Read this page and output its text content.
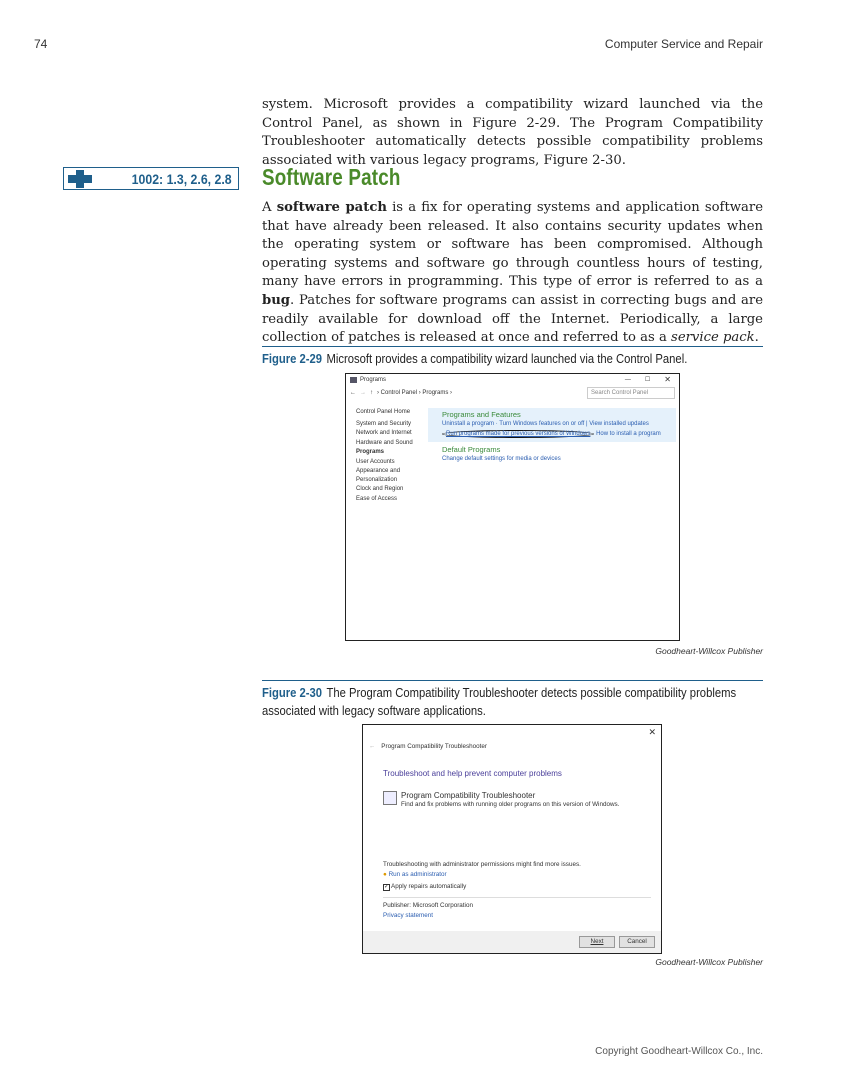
74	Computer Service and Repair

system. Microsoft provides a compatibility wizard launched via the Control Panel, as shown in Figure 2-29. The Program Compatibility Troubleshooter automatically detects possible compatibility problems associated with various legacy programs, Figure 2-30.

1002: 1.3, 2.6, 2.8 Software Patch

A software patch is a fix for operating systems and application software that have already been released. It also contains security updates when the operating system or software has been compromised. Although operating systems and software go through countless hours of testing, many have errors in programming. This type of error is referred to as a bug. Patches for software programs can assist in correcting bugs and are readily available for download off the Internet. Periodically, a large collection of patches is released at once and referred to as a service pack.

Figure 2-29 Microsoft provides a compatibility wizard launched via the Control Panel.
Programs	— ☐ ✕
← → ↑ › Control Panel › Programs ›	Search Control Panel
Control Panel Home
System and Security
Network and Internet
Hardware and Sound
Programs
User Accounts
Appearance and Personalization
Clock and Region
Ease of Access
Programs and Features
Uninstall a program · Turn Windows features on or off | View installed updates
Run programs made for previous versions of Windows How to install a program
Default Programs
Change default settings for media or devices
Goodheart-Willcox Publisher
Figure 2-30 The Program Compatibility Troubleshooter detects possible compatibility problems
associated with legacy software applications.
✕
← Program Compatibility Troubleshooter
Troubleshoot and help prevent computer problems
Program Compatibility Troubleshooter
Find and fix problems with running older programs on this version of Windows.
Troubleshooting with administrator permissions might find more issues.
● Run as administrator
✓ Apply repairs automatically
Publisher: Microsoft Corporation
Privacy statement
Next	Cancel
Goodheart-Willcox Publisher
Copyright Goodheart-Willcox Co., Inc.
